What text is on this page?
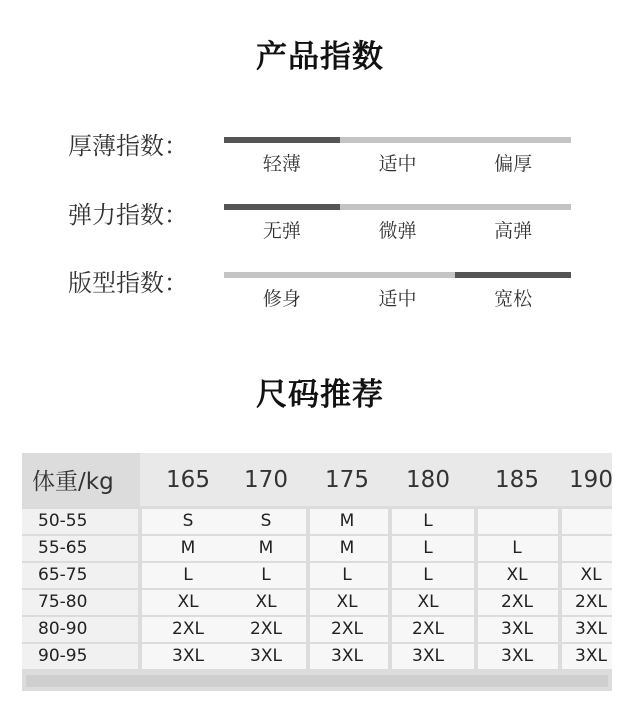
产品指数
厚薄指数：
轻薄	适中	偏厚
弹力指数：
无弹	微弹	高弹
版型指数：
修身	适中	宽松
尺码推荐
体重/kg	165 170 175 180 185 190
50-55	S	S	M	L
55-65	M	M	M	L	L
65-75	L	L	L	L	XL	XL
75-80	XL	XL	XL	XL	2XL 2XL
80-90	2XL	2XL	2XL	2XL	3XL 3XL
90-95	3XL	3XL	3XL	3XL	3XL 3XL
